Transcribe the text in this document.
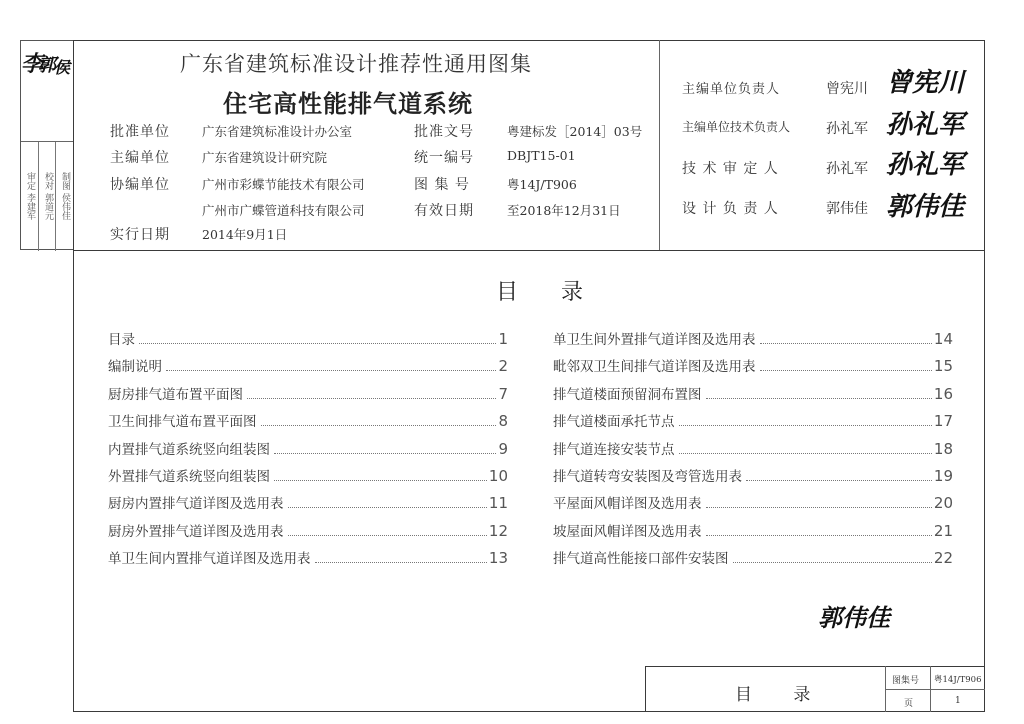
李
郭
侯
审定 李建军 校对 郭道元 制图 侯伟佳
广东省建筑标准设计推荐性通用图集
住宅高性能排气道系统
批准单位	广东省建筑标准设计办公室	批准文号	粤建标发［2014］03号
主编单位	广东省建筑设计研究院	统一编号	DBJT15-01
协编单位	广州市彩蝶节能技术有限公司	图 集 号	粤14J/T906
广州市广蝶管道科技有限公司	有效日期	至2018年12月31日
实行日期	2014年9月1日
主编单位负责人	曾宪川 曾宪川
主编单位技术负责人	孙礼军 孙礼军
技 术 审 定 人	孙礼军 孙礼军
设 计 负 责 人	郭伟佳 郭伟佳
目 录
目录	1
编制说明	2
厨房排气道布置平面图	7
卫生间排气道布置平面图	8
内置排气道系统竖向组装图	9
外置排气道系统竖向组装图	10
厨房内置排气道详图及选用表	11
厨房外置排气道详图及选用表	12
单卫生间内置排气道详图及选用表	13
单卫生间外置排气道详图及选用表	14
毗邻双卫生间排气道详图及选用表	15
排气道楼面预留洞布置图	16
排气道楼面承托节点	17
排气道连接安装节点	18
排气道转弯安装图及弯管选用表	19
平屋面风帽详图及选用表	20
坡屋面风帽详图及选用表	21
排气道高性能接口部件安装图	22
郭伟佳
目 录
图集号 粤14J/T906
页	1
